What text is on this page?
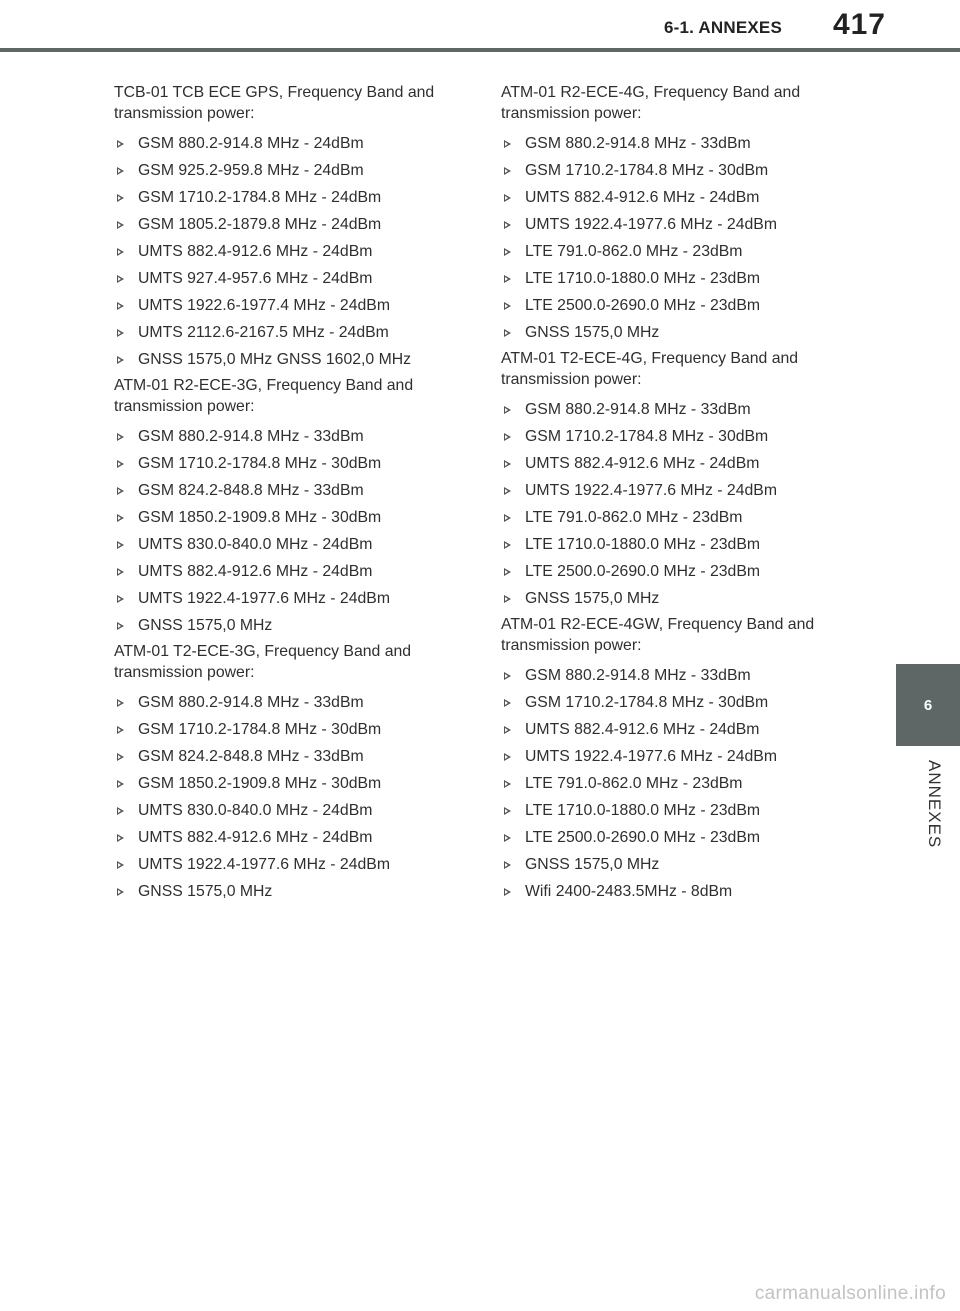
6-1. ANNEXES 417
TCB-01 TCB ECE GPS, Frequency Band and transmission power:
GSM 880.2-914.8 MHz - 24dBm
GSM 925.2-959.8 MHz - 24dBm
GSM 1710.2-1784.8 MHz - 24dBm
GSM 1805.2-1879.8 MHz - 24dBm
UMTS 882.4-912.6 MHz - 24dBm
UMTS 927.4-957.6 MHz - 24dBm
UMTS 1922.6-1977.4 MHz - 24dBm
UMTS 2112.6-2167.5 MHz - 24dBm
GNSS 1575,0 MHz GNSS 1602,0 MHz
ATM-01 R2-ECE-3G, Frequency Band and transmission power:
GSM 880.2-914.8 MHz - 33dBm
GSM 1710.2-1784.8 MHz - 30dBm
GSM 824.2-848.8 MHz - 33dBm
GSM 1850.2-1909.8 MHz - 30dBm
UMTS 830.0-840.0 MHz - 24dBm
UMTS 882.4-912.6 MHz - 24dBm
UMTS 1922.4-1977.6 MHz - 24dBm
GNSS 1575,0 MHz
ATM-01 T2-ECE-3G, Frequency Band and transmission power:
GSM 880.2-914.8 MHz - 33dBm
GSM 1710.2-1784.8 MHz - 30dBm
GSM 824.2-848.8 MHz - 33dBm
GSM 1850.2-1909.8 MHz - 30dBm
UMTS 830.0-840.0 MHz - 24dBm
UMTS 882.4-912.6 MHz - 24dBm
UMTS 1922.4-1977.6 MHz - 24dBm
GNSS 1575,0 MHz
ATM-01 R2-ECE-4G, Frequency Band and transmission power:
GSM 880.2-914.8 MHz - 33dBm
GSM 1710.2-1784.8 MHz - 30dBm
UMTS 882.4-912.6 MHz - 24dBm
UMTS 1922.4-1977.6 MHz - 24dBm
LTE 791.0-862.0 MHz - 23dBm
LTE 1710.0-1880.0 MHz - 23dBm
LTE 2500.0-2690.0 MHz - 23dBm
GNSS 1575,0 MHz
ATM-01 T2-ECE-4G, Frequency Band and transmission power:
GSM 880.2-914.8 MHz - 33dBm
GSM 1710.2-1784.8 MHz - 30dBm
UMTS 882.4-912.6 MHz - 24dBm
UMTS 1922.4-1977.6 MHz - 24dBm
LTE 791.0-862.0 MHz - 23dBm
LTE 1710.0-1880.0 MHz - 23dBm
LTE 2500.0-2690.0 MHz - 23dBm
GNSS 1575,0 MHz
ATM-01 R2-ECE-4GW, Frequency Band and transmission power:
GSM 880.2-914.8 MHz - 33dBm
GSM 1710.2-1784.8 MHz - 30dBm
UMTS 882.4-912.6 MHz - 24dBm
UMTS 1922.4-1977.6 MHz - 24dBm
LTE 791.0-862.0 MHz - 23dBm
LTE 1710.0-1880.0 MHz - 23dBm
LTE 2500.0-2690.0 MHz - 23dBm
GNSS 1575,0 MHz
Wifi 2400-2483.5MHz - 8dBm
6
ANNEXES
carmanualsonline.info
